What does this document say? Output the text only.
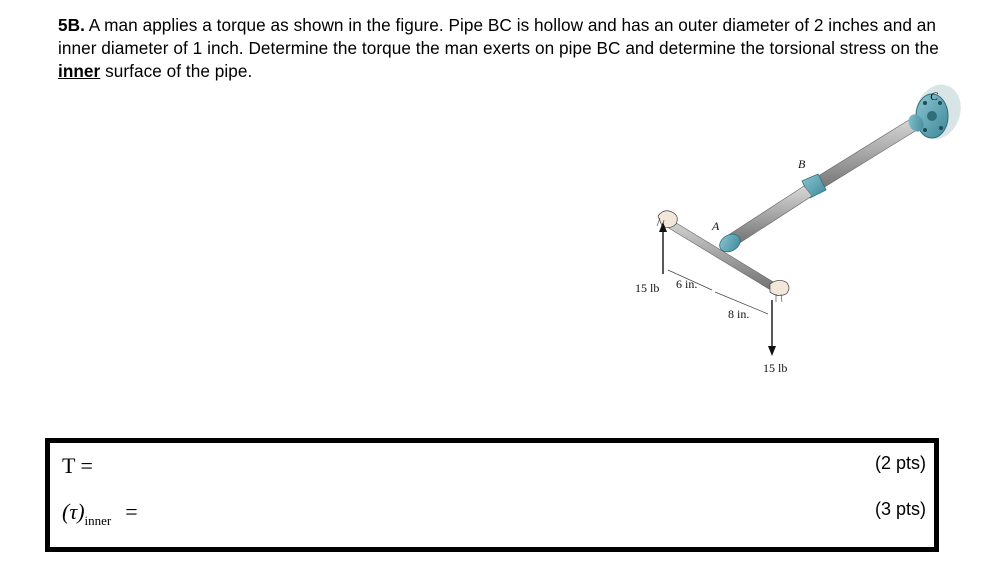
5B. A man applies a torque as shown in the figure. Pipe BC is hollow and has an outer diameter of 2 inches and an inner diameter of 1 inch. Determine the torque the man exerts on pipe BC and determine the torsional stress on the inner surface of the pipe.
C
B
A
15 lb
15 lb
6 in.
8 in.
T =	(2 pts)
$(\tau)_{inner}$ =	(3 pts)
